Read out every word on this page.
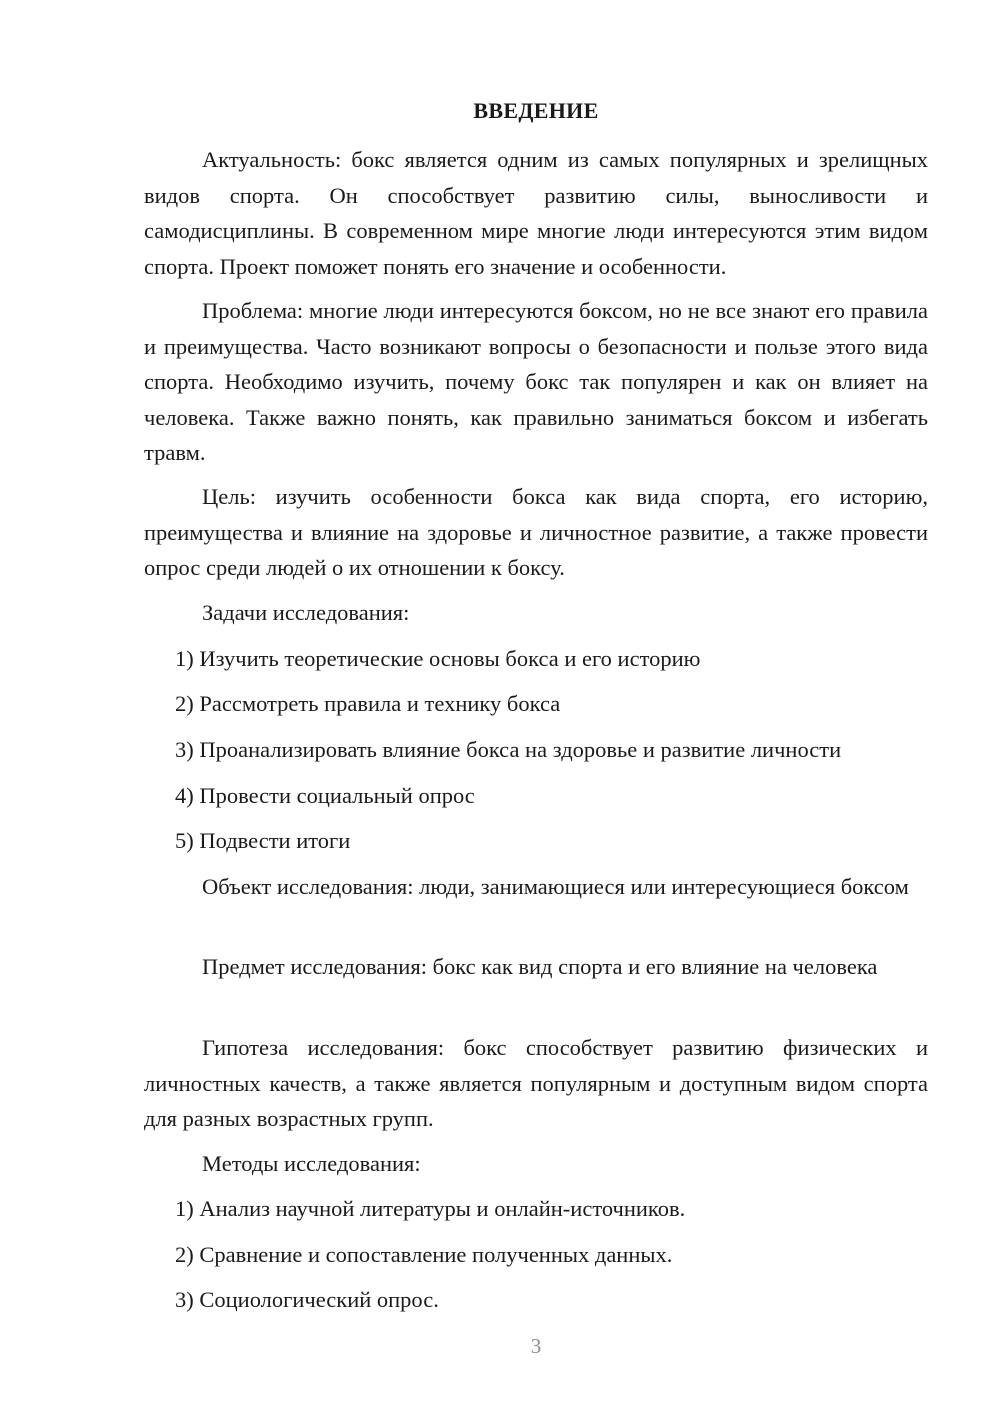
ВВЕДЕНИЕ

Актуальность: бокс является одним из самых популярных и зрелищных видов спорта. Он способствует развитию силы, выносливости и самодисциплины. В современном мире многие люди интересуются этим видом спорта. Проект поможет понять его значение и особенности.

Проблема: многие люди интересуются боксом, но не все знают его правила и преимущества. Часто возникают вопросы о безопасности и пользе этого вида спорта. Необходимо изучить, почему бокс так популярен и как он влияет на человека. Также важно понять, как правильно заниматься боксом и избегать травм.

Цель: изучить особенности бокса как вида спорта, его историю, преимущества и влияние на здоровье и личностное развитие, а также провести опрос среди людей о их отношении к боксу.

Задачи исследования:

1) Изучить теоретические основы бокса и его историю

2) Рассмотреть правила и технику бокса

3) Проанализировать влияние бокса на здоровье и развитие личности

4) Провести социальный опрос

5) Подвести итоги

Объект исследования: люди, занимающиеся или интересующиеся боксом

Предмет исследования: бокс как вид спорта и его влияние на человека

Гипотеза исследования: бокс способствует развитию физических и личностных качеств, а также является популярным и доступным видом спорта для разных возрастных групп.

Методы исследования:

1) Анализ научной литературы и онлайн-источников.

2) Сравнение и сопоставление полученных данных.

3) Социологический опрос.

3
